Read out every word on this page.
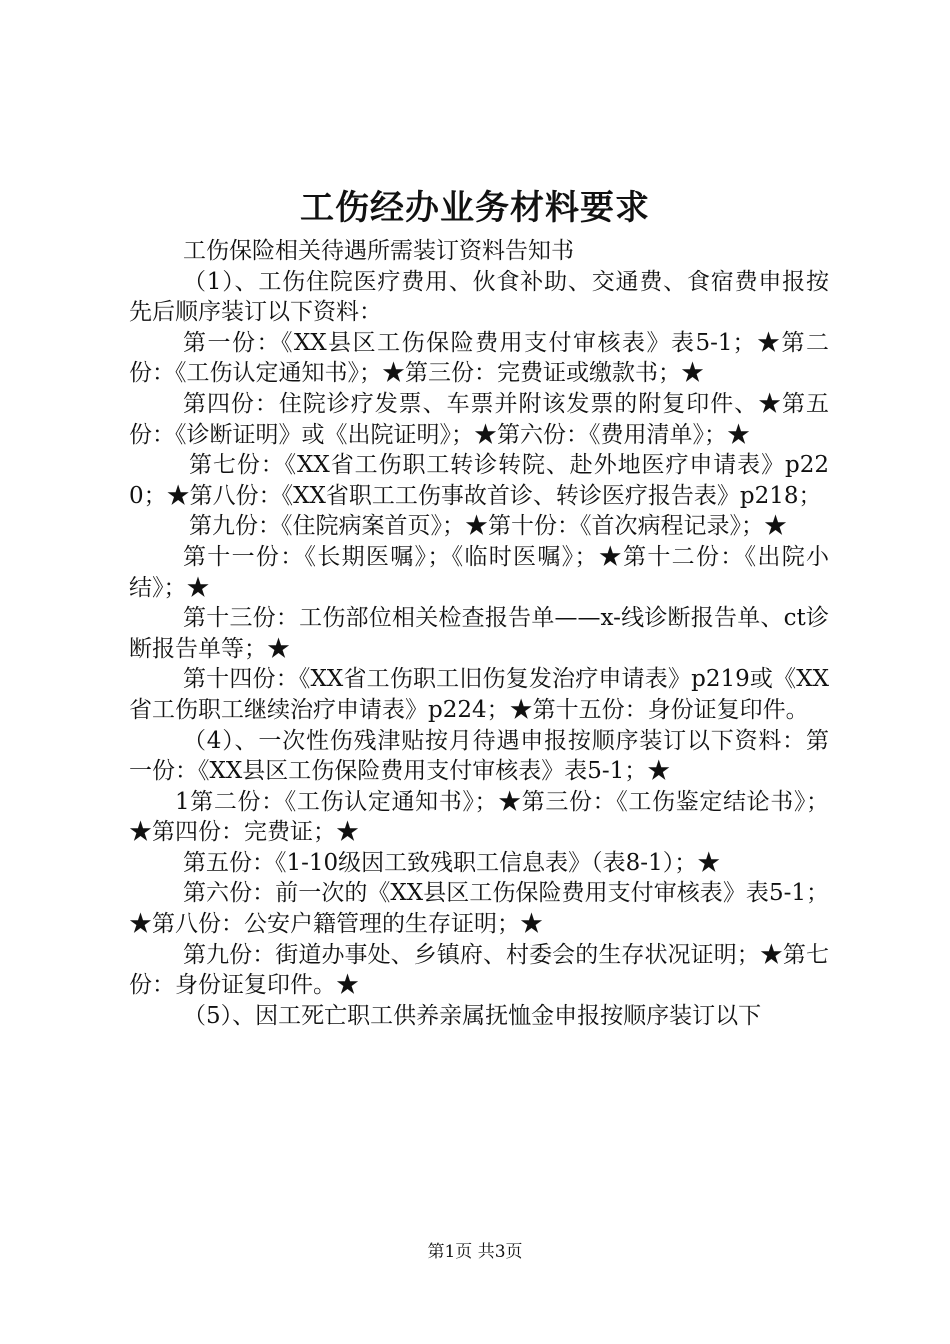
工伤经办业务材料要求

工伤保险相关待遇所需装订资料告知书

（1）、工伤住院医疗费用、伙食补助、交通费、食宿费申报按先后顺序装订以下资料：

第一份：《XX县区工伤保险费用支付审核表》表5-1；★第二份：《工伤认定通知书》；★第三份：完费证或缴款书；★

第四份：住院诊疗发票、车票并附该发票的附复印件、★第五份：《诊断证明》或《出院证明》；★第六份：《费用清单》；★

第七份：《XX省工伤职工转诊转院、赴外地医疗申请表》p220；★第八份：《XX省职工工伤事故首诊、转诊医疗报告表》p218；

第九份：《住院病案首页》；★第十份：《首次病程记录》；★

第十一份：《长期医嘱》；《临时医嘱》；★第十二份：《出院小结》；★

第十三份：工伤部位相关检查报告单——x-线诊断报告单、ct诊断报告单等；★

第十四份：《XX省工伤职工旧伤复发治疗申请表》p219或《XX省工伤职工继续治疗申请表》p224；★第十五份：身份证复印件。

（4）、一次性伤残津贴按月待遇申报按顺序装订以下资料：第一份：《XX县区工伤保险费用支付审核表》表5-1；★

1第二份：《工伤认定通知书》；★第三份：《工伤鉴定结论书》；★第四份：完费证；★

第五份：《1-10级因工致残职工信息表》（表8-1）；★

第六份：前一次的《XX县区工伤保险费用支付审核表》表5-1；★第八份：公安户籍管理的生存证明；★

第九份：街道办事处、乡镇府、村委会的生存状况证明；★第七份：身份证复印件。★

（5）、因工死亡职工供养亲属抚恤金申报按顺序装订以下

第1页 共3页
